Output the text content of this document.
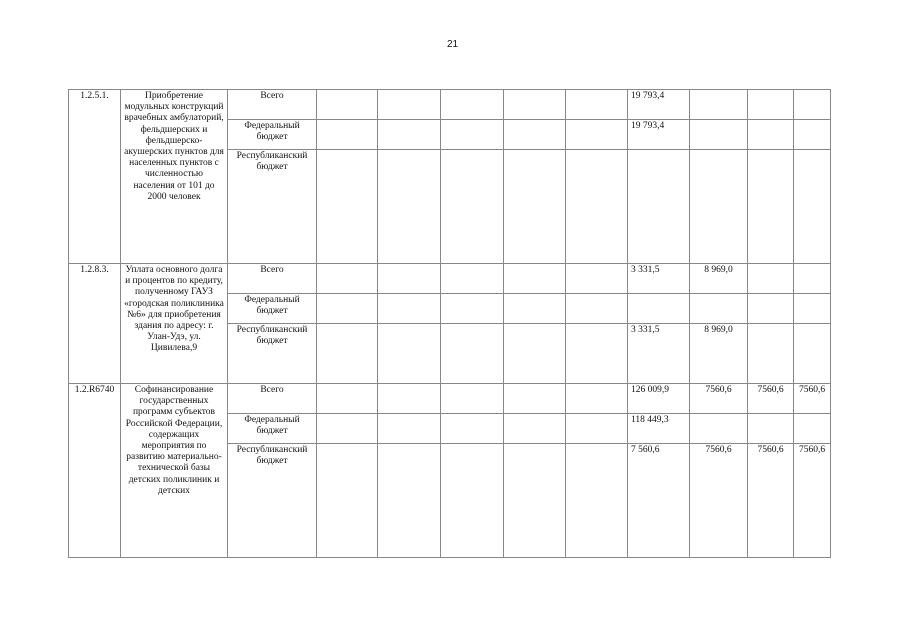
21
1.2.5.1.	Приобретение модульных конструкций врачебных амбулаторий, фельдшерских и фельдшерско-акушерских пунктов для населенных пунктов с численностью населения от 101 до 2000 человек	Всего						19 793,4			
		Федеральный бюджет						19 793,4			
		Республиканский бюджет									
1.2.8.3.	Уплата основного долга и процентов по кредиту, полученному ГАУЗ «городская поликлиника №6» для приобретения здания по адресу: г. Улан-Удэ, ул. Цивилева,9	Всего						3 331,5	8 969,0		
		Федеральный бюджет									
		Республиканский бюджет						3 331,5	8 969,0		
1.2.R6740	Софинансирование государственных программ субъектов Российской Федерации, содержащих мероприятия по развитию материально-технической базы детских поликлиник и детских	Всего						126 009,9	7560,6	7560,6	7560,6
		Федеральный бюджет						118 449,3			
		Республиканский бюджет						7 560,6	7560,6	7560,6	7560,6
